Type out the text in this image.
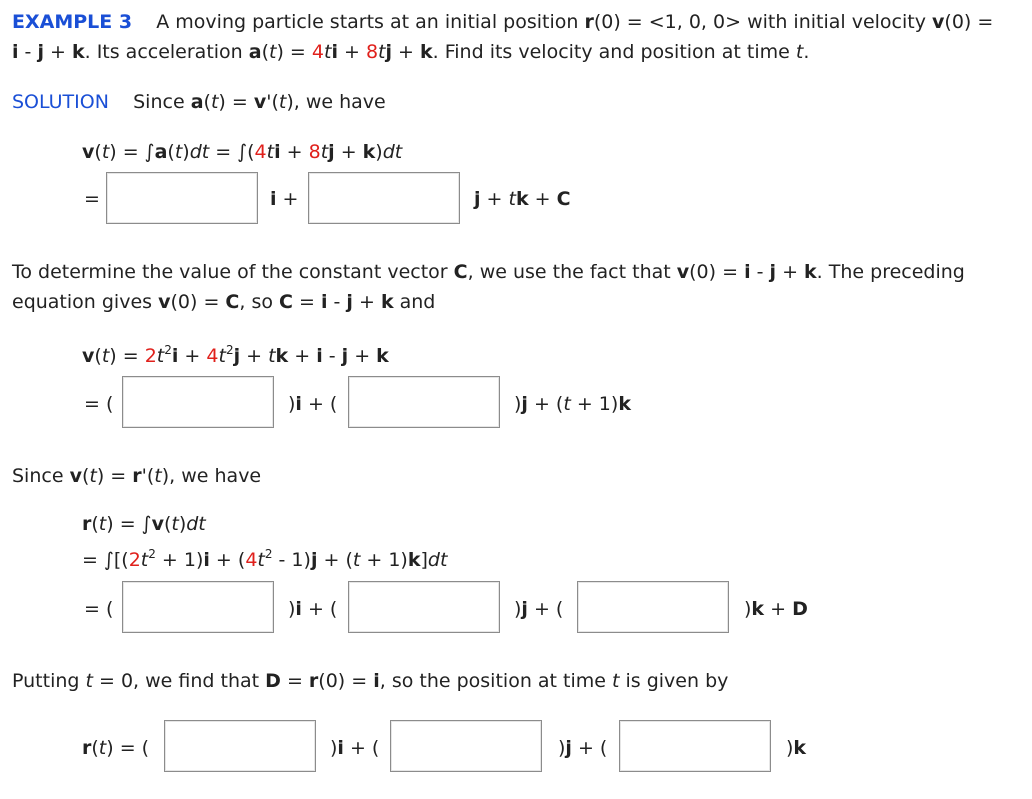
EXAMPLE 3 A moving particle starts at an initial position r(0) = <1, 0, 0> with initial velocity v(0) =
i - j + k. Its acceleration a(t) = 4ti + 8tj + k. Find its velocity and position at time t.
SOLUTION Since a(t) = v'(t), we have
v(t) = ∫a(t)dt = ∫(4ti + 8tj + k)dt
=	i +	j + tk + C
To determine the value of the constant vector C, we use the fact that v(0) = i - j + k. The preceding
equation gives v(0) = C, so C = i - j + k and
$v(t) = 2t^2i + 4t^2j$ + tk + i - j + k
= (	)i + (	)j + (t + 1)k
Since v(t) = r'(t), we have
r(t) = ∫v(t)dt
= $\int[(2t^2 + 1)i + (4t^2 - 1)j + (t + 1)k]dt$
= (	)i + (	)j + (	)k + D
Putting t = 0, we find that D = r(0) = i, so the position at time t is given by
r(t) = (	)i + (	)j + (	)k
